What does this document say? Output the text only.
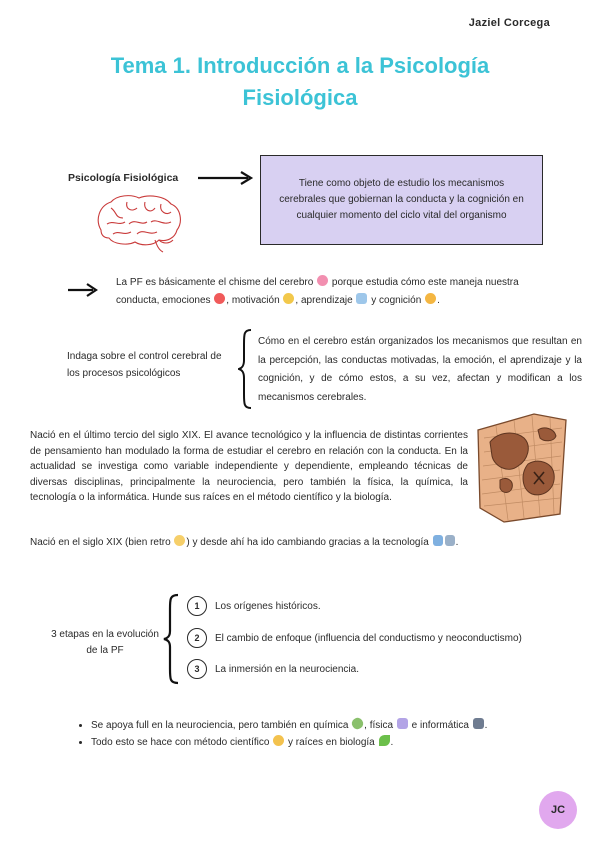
Jaziel Corcega
Tema 1. Introducción a la Psicología
Fisiológica
Psicología Fisiológica	Tiene como objeto de estudio los mecanismos cerebrales que gobiernan la conducta y la cognición en cualquier momento del ciclo vital del organismo
La PF es básicamente el chisme del cerebro  porque estudia cómo este maneja nuestra conducta, emociones , motivación , aprendizaje  y cognición .
Indaga sobre el control cerebral de los procesos psicológicos
Cómo en el cerebro están organizados los mecanismos que resultan en la percepción, las conductas motivadas, la emoción, el aprendizaje y la cognición, y de cómo estos, a su vez, afectan y modifican a los mecanismos cerebrales.
Nació en el último tercio del siglo XIX. El avance tecnológico y la influencia de distintas corrientes de pensamiento han modulado la forma de estudiar el cerebro en relación con la conducta. En la actualidad se investiga como variable independiente y dependiente, empleando técnicas de diversas disciplinas, principalmente la neurociencia, pero también la física, la química, la tecnología o la informática. Hunde sus raíces en el método científico y la biología.
Nació en el siglo XIX (bien retro ) y desde ahí ha ido cambiando gracias a la tecnología .
3 etapas en la evolución de la PF
1	Los orígenes históricos.
2	El cambio de enfoque (influencia del conductismo y neoconductismo)
3	La inmersión en la neurociencia.
• Se apoya full en la neurociencia, pero también en química , física  e informática .
• Todo esto se hace con método científico  y raíces en biología .
JC
